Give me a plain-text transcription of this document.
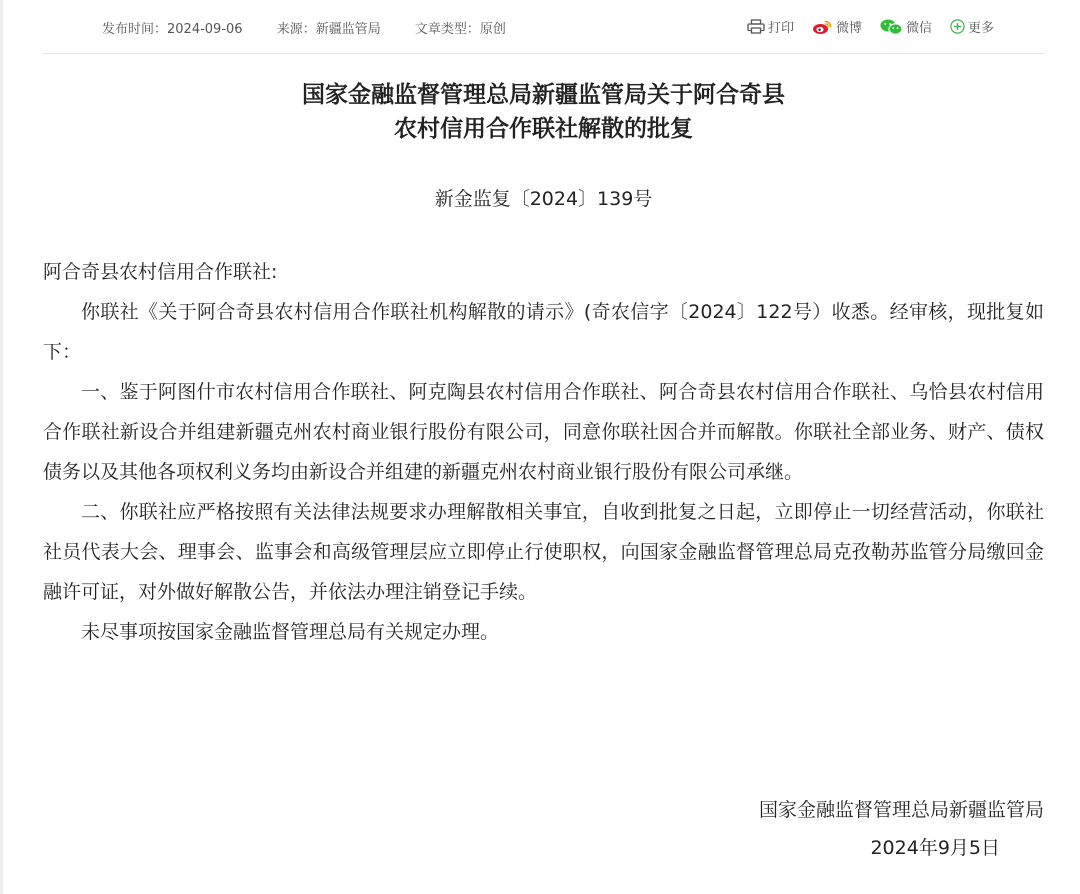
发布时间：2024-09-06	来源：新疆监管局	文章类型：原创	打印	微博	微信	更多
国家金融监督管理总局新疆监管局关于阿合奇县
农村信用合作联社解散的批复
新金监复〔2024〕139号

阿合奇县农村信用合作联社:

你联社《关于阿合奇县农村信用合作联社机构解散的请示》(奇农信字〔2024〕122号）收悉。经审核，现批复如下：

一、鉴于阿图什市农村信用合作联社、阿克陶县农村信用合作联社、阿合奇县农村信用合作联社、乌恰县农村信用合作联社新设合并组建新疆克州农村商业银行股份有限公司，同意你联社因合并而解散。你联社全部业务、财产、债权债务以及其他各项权利义务均由新设合并组建的新疆克州农村商业银行股份有限公司承继。

二、你联社应严格按照有关法律法规要求办理解散相关事宜，自收到批复之日起，立即停止一切经营活动，你联社社员代表大会、理事会、监事会和高级管理层应立即停止行使职权，向国家金融监督管理总局克孜勒苏监管分局缴回金融许可证，对外做好解散公告，并依法办理注销登记手续。

未尽事项按国家金融监督管理总局有关规定办理。

国家金融监督管理总局新疆监管局
2024年9月5日
